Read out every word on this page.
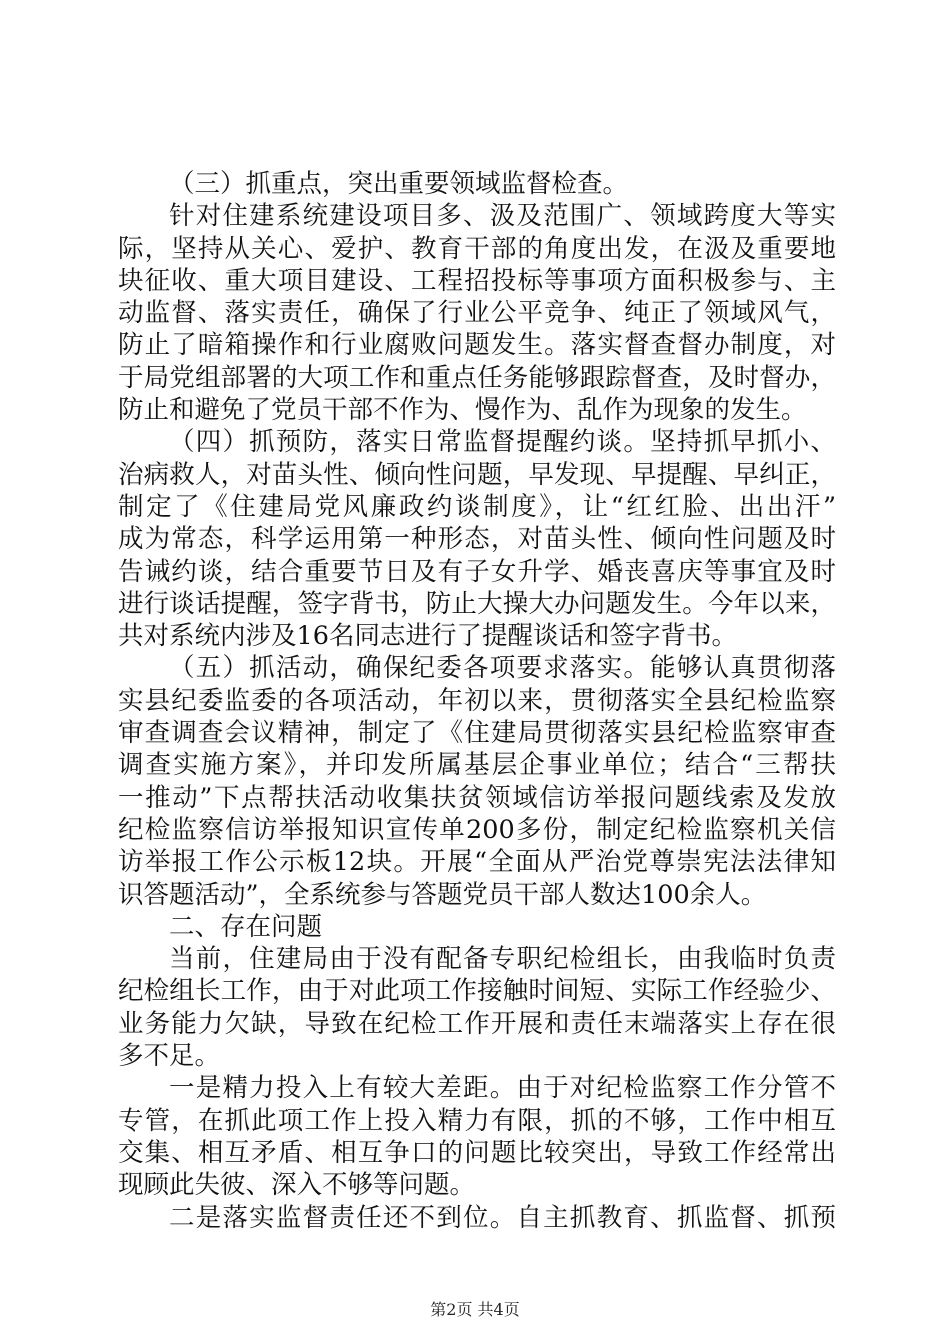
（三）抓重点，突出重要领域监督检查。
针对住建系统建设项目多、汲及范围广、领域跨度大等实
际，坚持从关心、爱护、教育干部的角度出发，在汲及重要地
块征收、重大项目建设、工程招投标等事项方面积极参与、主
动监督、落实责任，确保了行业公平竞争、纯正了领域风气，
防止了暗箱操作和行业腐败问题发生。落实督查督办制度，对
于局党组部署的大项工作和重点任务能够跟踪督查，及时督办，
防止和避免了党员干部不作为、慢作为、乱作为现象的发生。
（四）抓预防，落实日常监督提醒约谈。坚持抓早抓小、
治病救人，对苗头性、倾向性问题，早发现、早提醒、早纠正，
制定了《住建局党风廉政约谈制度》，让“红红脸、出出汗”
成为常态，科学运用第一种形态，对苗头性、倾向性问题及时
告诫约谈，结合重要节日及有子女升学、婚丧喜庆等事宜及时
进行谈话提醒，签字背书，防止大操大办问题发生。今年以来，
共对系统内涉及16名同志进行了提醒谈话和签字背书。
（五）抓活动，确保纪委各项要求落实。能够认真贯彻落
实县纪委监委的各项活动，年初以来，贯彻落实全县纪检监察
审查调查会议精神，制定了《住建局贯彻落实县纪检监察审查
调查实施方案》，并印发所属基层企事业单位；结合“三帮扶
一推动”下点帮扶活动收集扶贫领域信访举报问题线索及发放
纪检监察信访举报知识宣传单200多份，制定纪检监察机关信
访举报工作公示板12块。开展“全面从严治党尊崇宪法法律知
识答题活动”，全系统参与答题党员干部人数达100余人。
二、存在问题
当前，住建局由于没有配备专职纪检组长，由我临时负责
纪检组长工作，由于对此项工作接触时间短、实际工作经验少、
业务能力欠缺，导致在纪检工作开展和责任末端落实上存在很
多不足。
一是精力投入上有较大差距。由于对纪检监察工作分管不
专管，在抓此项工作上投入精力有限，抓的不够，工作中相互
交集、相互矛盾、相互争口的问题比较突出，导致工作经常出
现顾此失彼、深入不够等问题。
二是落实监督责任还不到位。自主抓教育、抓监督、抓预
第2页 共4页
